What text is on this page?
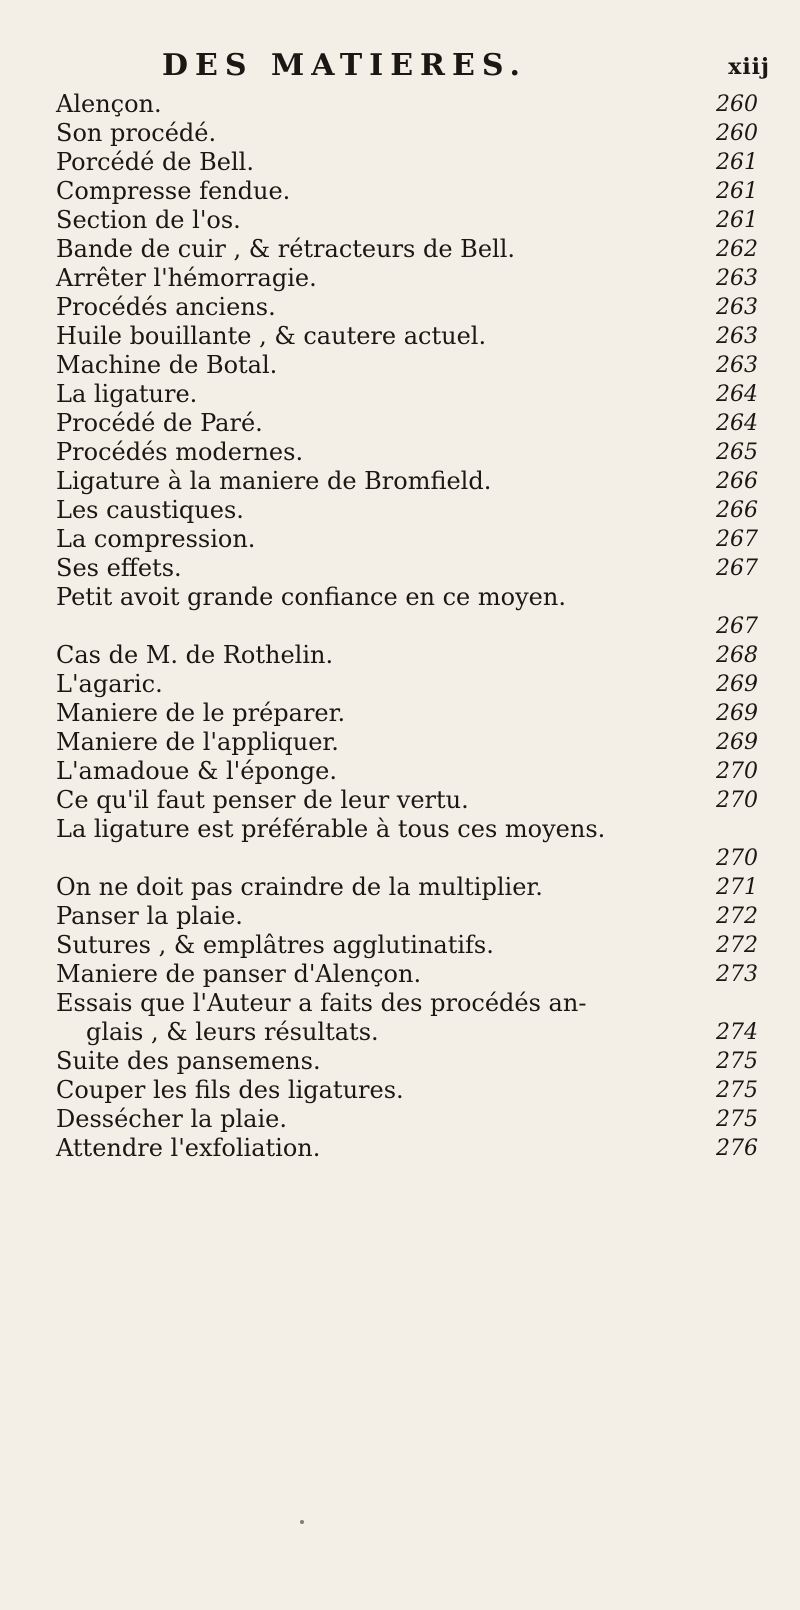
DES MATIERES.	xiij
Alençon.	260
Son procédé.	260
Porcédé de Bell.	261
Compresse fendue.	261
Section de l'os.	261
Bande de cuir , & rétracteurs de Bell.	262
Arrêter l'hémorragie.	263
Procédés anciens.	263
Huile bouillante , & cautere actuel.	263
Machine de Botal.	263
La ligature.	264
Procédé de Paré.	264
Procédés modernes.	265
Ligature à la maniere de Bromfield.	266
Les caustiques.	266
La compression.	267
Ses effets.	267
Petit avoit grande confiance en ce moyen.
267
Cas de M. de Rothelin.	268
L'agaric.	269
Maniere de le préparer.	269
Maniere de l'appliquer.	269
L'amadoue & l'éponge.	270
Ce qu'il faut penser de leur vertu.	270
La ligature est préférable à tous ces moyens.
270
On ne doit pas craindre de la multiplier.	271
Panser la plaie.	272
Sutures , & emplâtres agglutinatifs.	272
Maniere de panser d'Alençon.	273
Essais que l'Auteur a faits des procédés an-
glais , & leurs résultats.	274
Suite des pansemens.	275
Couper les fils des ligatures.	275
Dessécher la plaie.	275
Attendre l'exfoliation.	276
